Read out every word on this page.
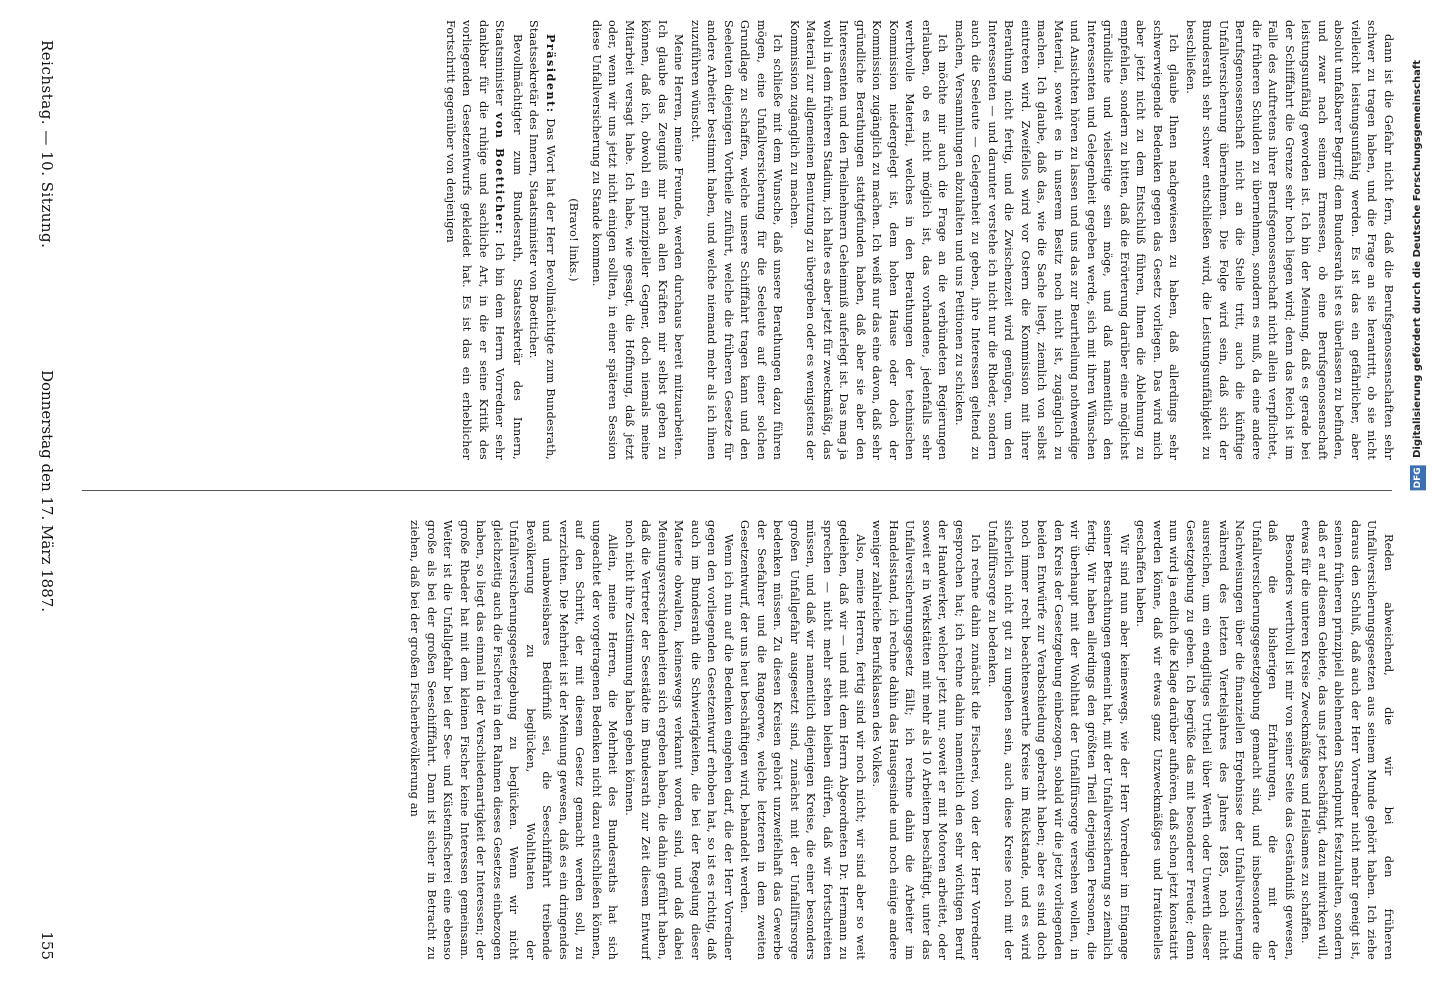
Reichstag. — 10. Sitzung.
Donnerstag den 17. März 1887.
155

dann ist die Gefahr nicht fern, daß die Berufsgenossenschaften sehr schwer zu tragen haben, und die Frage an sie herantritt, ob sie nicht vielleicht leistungsunfähig werden. Es ist das ein gefährlicher, aber absolut unfaßbarer Begriff; dem Bundesrath ist es überlassen zu befinden, und zwar nach seinem Ermessen, ob eine Berufsgenossenschaft leistungsunfähig geworden ist. Ich bin der Meinung, daß es gerade bei der Schifffahrt die Grenze sehr hoch liegen wird; denn das Reich ist im Falle des Auftretens ihrer Berufsgenossenschaft nicht allein verpflichtet, die früheren Schulden zu übernehmen, sondern es muß, da eine andere Berufsgenossenschaft nicht an die Stelle tritt, auch die künftige Unfallversicherung übernehmen. Die Folge wird sein, daß sich der Bundesrath sehr schwer entschließen wird, die Leistungsunfähigkeit zu beschließen.

Ich glaube Ihnen nachgewiesen zu haben, daß allerdings sehr schwerwiegende Bedenken gegen das Gesetz vorliegen. Das wird mich aber jetzt nicht zu dem Entschluß führen, Ihnen die Ablehnung zu empfehlen, sondern zu bitten, daß die Erörterung darüber eine möglichst gründliche und vielseitige sein möge, und daß namentlich den Interessenten und Gelegenheit gegeben werde, sich mit ihren Wünschen und Ansichten hören zu lassen und uns das zur Beurtheilung nothwendige Material, soweit es in unserem Besitz noch nicht ist, zugänglich zu machen. Ich glaube, daß das, wie die Sache liegt, ziemlich von selbst eintreten wird. Zweifellos wird vor Ostern die Kommission mit ihrer Berathung nicht fertig, und die Zwischenzeit wird genügen, um den Interessenten — und darunter verstehe ich nicht nur die Rheder, sondern auch die Seeleute — Gelegenheit zu geben, ihre Interessen geltend zu machen, Versammlungen abzuhalten und uns Petitionen zu schicken.

Ich möchte mir auch die Frage an die verbündeten Regierungen erlauben, ob es nicht möglich ist, das vorhandene, jedenfalls sehr werthvolle Material, welches in den Berathungen der technischen Kommission niedergelegt ist, dem hohen Hause oder doch der Kommission zugänglich zu machen. Ich weiß nur das eine davon, daß sehr gründliche Berathungen stattgefunden haben, daß aber sie aber den Interessenten und den Theilnehmern Geheimniß auferlegt ist. Das mag ja wohl in dem früheren Stadium, ich halte es aber jetzt für zweckmäßig, das Material zur allgemeinen Benutzung zu übergeben oder es wenigstens der Kommission zugänglich zu machen.

Ich schließe mit dem Wunsche, daß unsere Berathungen dazu führen mögen, eine Unfallversicherung für die Seeleute auf einer solchen Grundlage zu schaffen, welche unsere Schifffahrt tragen kann und den Seeleuten diejenigen Vortheile zuführt, welche die früheren Gesetze für andere Arbeiter bestimmt haben, und welche niemand mehr als ich ihnen zuzuführen wünscht.

Meine Herren, meine Freunde, werden durchaus bereit mitzuarbeiten. Ich glaube das Zeugniß mir nach allen Kräften mir selbst geben zu können, daß ich, obwohl ein prinzipieller Gegner, doch niemals meine Mitarbeit versagt habe. Ich habe, wie gesagt, die Hoffnung, daß jetzt oder, wenn wir uns jetzt nicht einigen sollten, in einer späteren Session diese Unfallversicherung zu Stande kommen.

(Bravo! links.)

Präsident: Das Wort hat der Herr Bevollmächtigte zum Bundesrath, Staatssekretär des Innern, Staatsminister von Boetticher.

Bevollmächtigter zum Bundesrath, Staatssekretär des Innern, Staatsminister von Boetticher: Ich bin dem Herrn Vorredner sehr dankbar für die ruhige und sachliche Art, in die er seine Kritik des vorliegenden Gesetzentwurfs gekleidet hat. Es ist das ein erheblicher Fortschritt gegenüber von denjenigen

Reden abweichend, die wir bei den früheren Unfallversicherungsgesetzen aus seinem Munde gehört haben. Ich ziehe daraus den Schluß, daß auch der Herr Vorredner nicht mehr geneigt ist, seinen früheren prinzipiell ablehnenden Standpunkt festzuhalten, sondern daß er auf diesem Gebiete, das uns jetzt beschäftigt, dazu mitwirken will, etwas für die unteren Kreise Zweckmäßiges und Heilsames zu schaffen.

Besonders werthvoll ist mir von seiner Seite das Geständniß gewesen, daß die bisherigen Erfahrungen, die mit der Unfallversicherungsgesetzgebung gemacht sind, und insbesondere die Nachweisungen über die finanziellen Ergebnisse der Unfallversicherung während des letzten Viertelsjahres des Jahres 1885, noch nicht ausreichen, um ein endgiltiges Urtheil über Werth oder Unwerth dieser Gesetzgebung zu geben. Ich begrüße das mit besonderer Freude; denn nun wird ja endlich die Klage darüber aufhören, daß schon jetzt konstatirt werden könne, daß wir etwas ganz Unzweckmäßiges und Irrationelles geschaffen haben.

Wir sind nun aber keineswegs, wie der Herr Vorredner im Eingange seiner Betrachtungen gemeint hat, mit der Unfallversicherung so ziemlich fertig. Wir haben allerdings den größten Theil derjenigen Personen, die wir überhaupt mit der Wohlthat der Unfallfürsorge versehen wollen, in den Kreis der Gesetzgebung einbezogen, sobald wir die jetzt vorliegenden beiden Entwürfe zur Verabschiedung gebracht haben; aber es sind doch noch immer recht beachtenswerthe Kreise im Rückstande, und es wird sicherlich nicht gut zu umgehen sein, auch diese Kreise noch mit der Unfallfürsorge zu bedenken.

Ich rechne dahin zunächst die Fischerei, von der der Herr Vorredner gesprochen hat; ich rechne dahin namentlich den sehr wichtigen Beruf der Handwerker, welcher jetzt nur, soweit er mit Motoren arbeitet, oder soweit er in Werkstätten mit mehr als 10 Arbeitern beschäftigt, unter das Unfallversicherungsgesetz fällt; ich rechne dahin die Arbeiter im Handelsstand, ich rechne dahin das Hausgesinde und noch einige andere weniger zahlreiche Berufsklassen des Volkes.

Also, meine Herren, fertig sind wir noch nicht; wir sind aber so weit gediehen, daß wir — und mit dem Herrn Abgeordneten Dr. Hermann zu sprechen — nicht mehr stehen bleiben dürfen, daß wir fortschreiten müssen, und daß wir namentlich diejenigen Kreise, die einer besonders großen Unfallgefahr ausgesetzt sind, zunächst mit der Unfallfürsorge bedenken müssen. Zu diesen Kreisen gehört unzweifelhaft das Gewerbe der Seefahrer und die Rangeorwe, welche letzteren in dem zweiten Gesetzentwurf, der uns heut beschäftigen wird, behandelt werden.

Wenn ich nun auf die Bedenken eingehen darf, die der Herr Vorredner gegen den vorliegenden Gesetzentwurf erhoben hat, so ist es richtig, daß auch im Bundesrath die Schwierigkeiten, die bei der Regelung dieser Materie obwalten, keineswegs verkannt worden sind, und daß dabei Meinungsverschiedenheiten sich ergeben haben, die dahin geführt haben, daß die Vertreter der Seestädte im Bundesrath zur Zeit diesem Entwurf noch nicht ihre Zustimmung haben geben können.

Allein, meine Herren, die Mehrheit des Bundesraths hat sich ungeachtet der vorgetragenen Bedenken nicht dazu entschließen können, auf den Schritt, der mit diesem Gesetz gemacht werden soll, zu verzichten. Die Mehrheit ist der Meinung gewesen, daß es ein dringendes und unabweisbares Bedürfniß sei, die Seeschifffahrt treibende Bevölkerung zu beglücken, Wohlthaten der Unfallversicherungsgesetzgebung zu beglücken. Wenn wir nicht gleichzeitig auch die Fischerei in den Rahmen dieses Gesetzes einbezogen haben, so liegt das einmal in der Verschiedenartigkeit der Interessen; der große Rheder hat mit dem kleinen Fischer keine Interessen gemeinsam. Weiter ist die Unfallgefahr bei der See- und Küstenfischerei eine ebenso große als bei der großen Seeschifffahrt. Dann ist sicher in Betracht zu ziehen, daß bei der großen Fischerbevölkerung an

DFG Digitalisierung gefördert durch die Deutsche Forschungsgemeinschaft
